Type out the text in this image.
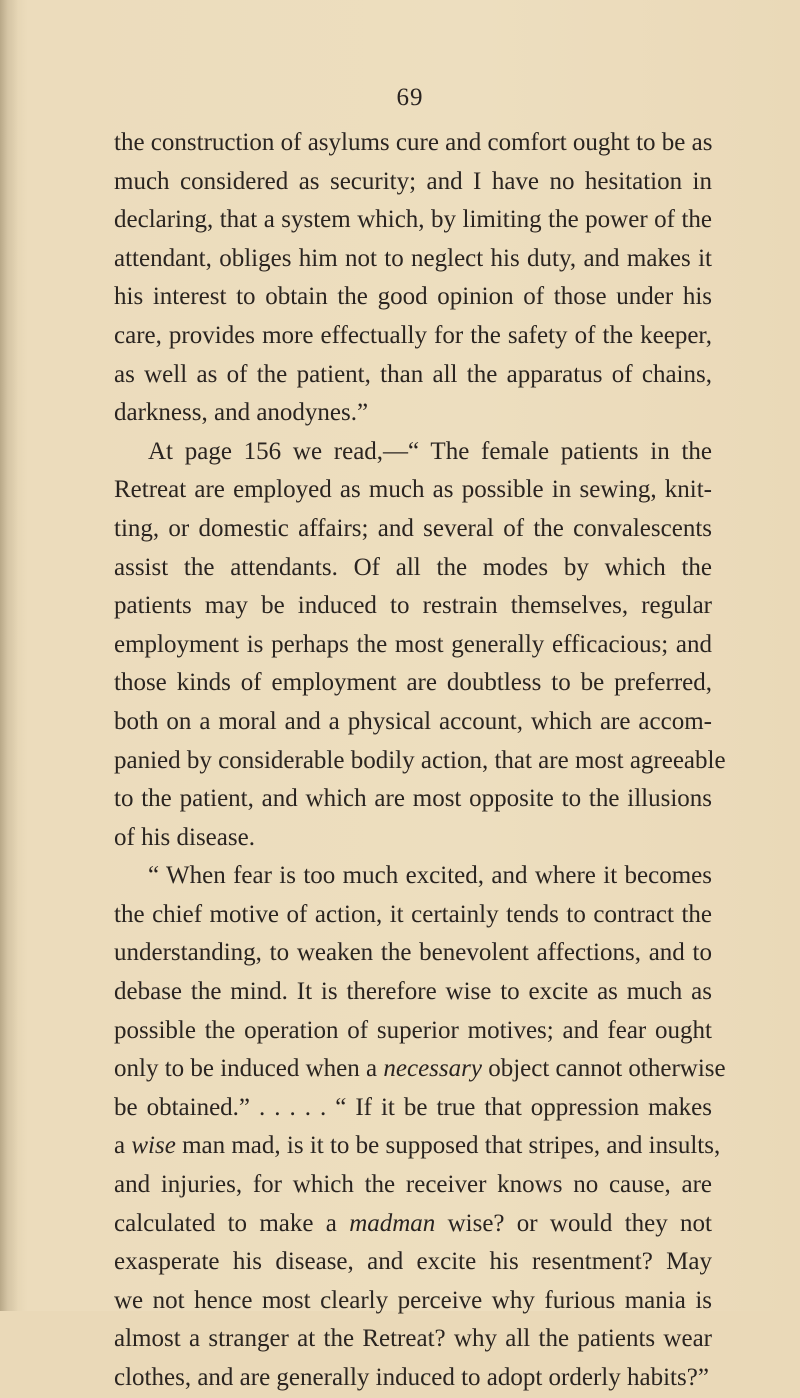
69
the construction of asylums cure and comfort ought to be as
much considered as security; and I have no hesitation in
declaring, that a system which, by limiting the power of the
attendant, obliges him not to neglect his duty, and makes it
his interest to obtain the good opinion of those under his
care, provides more effectually for the safety of the keeper,
as well as of the patient, than all the apparatus of chains,
darkness, and anodynes.”
At page 156 we read,—“ The female patients in the
Retreat are employed as much as possible in sewing, knit-
ting, or domestic affairs; and several of the convalescents
assist the attendants. Of all the modes by which the
patients may be induced to restrain themselves, regular
employment is perhaps the most generally efficacious; and
those kinds of employment are doubtless to be preferred,
both on a moral and a physical account, which are accom-
panied by considerable bodily action, that are most agreeable
to the patient, and which are most opposite to the illusions
of his disease.
“ When fear is too much excited, and where it becomes
the chief motive of action, it certainly tends to contract the
understanding, to weaken the benevolent affections, and to
debase the mind. It is therefore wise to excite as much as
possible the operation of superior motives; and fear ought
only to be induced when a necessary object cannot otherwise
be obtained.” . . . . . “ If it be true that oppression makes
a wise man mad, is it to be supposed that stripes, and insults,
and injuries, for which the receiver knows no cause, are
calculated to make a madman wise? or would they not
exasperate his disease, and excite his resentment? May
we not hence most clearly perceive why furious mania is
almost a stranger at the Retreat? why all the patients wear
clothes, and are generally induced to adopt orderly habits?”
